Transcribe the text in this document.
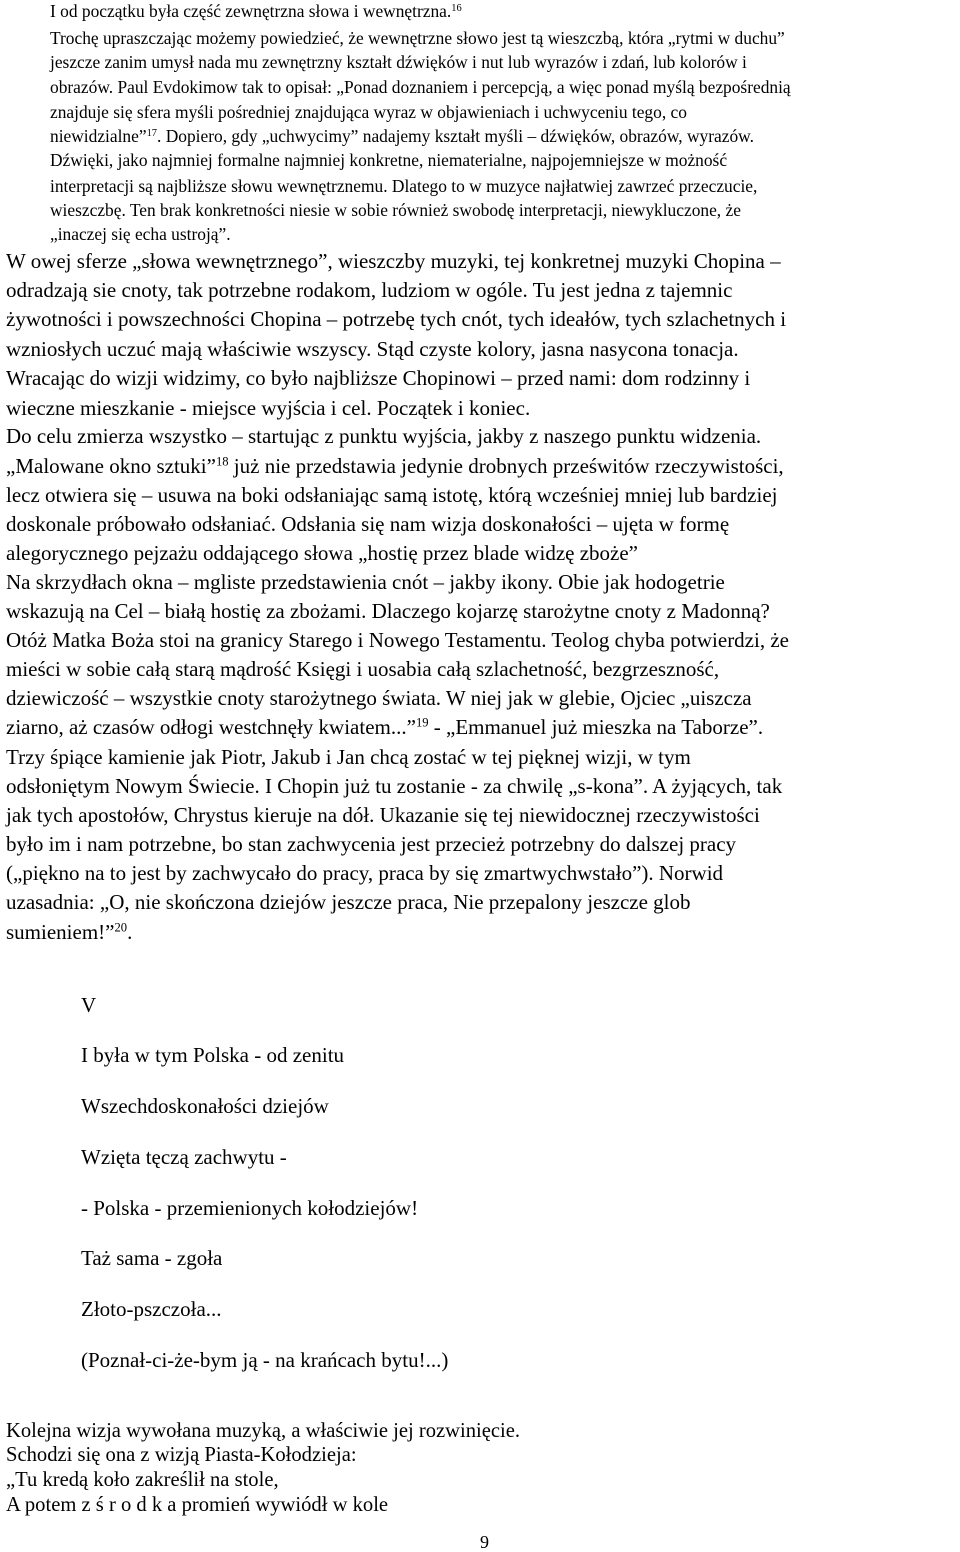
I od początku była część zewnętrzna słowa i wewnętrzna.$^{16}$

Trochę upraszczając możemy powiedzieć, że wewnętrzne słowo jest tą wieszczbą, która „rytmi w duchu”

jeszcze zanim umysł nada mu zewnętrzny kształt dźwięków i nut lub wyrazów i zdań, lub kolorów i

obrazów. Paul Evdokimow tak to opisał: „Ponad doznaniem i percepcją, a więc ponad myślą bezpośrednią

znajduje się sfera myśli pośredniej znajdująca wyraz w objawieniach i uchwyceniu tego, co

niewidzialne”$^{17}$. Dopiero, gdy „uchwycimy” nadajemy kształt myśli – dźwięków, obrazów, wyrazów.

Dźwięki, jako najmniej formalne najmniej konkretne, niematerialne, najpojemniejsze w możność

interpretacji są najbliższe słowu wewnętrznemu. Dlatego to w muzyce najłatwiej zawrzeć przeczucie,

wieszczbę. Ten brak konkretności niesie w sobie również swobodę interpretacji, niewykluczone, że

„inaczej się echa ustroją”.

W owej sferze „słowa wewnętrznego”, wieszczby muzyki, tej konkretnej muzyki Chopina –

odradzają sie cnoty, tak potrzebne rodakom, ludziom w ogóle. Tu jest jedna z tajemnic

żywotności i powszechności Chopina – potrzebę tych cnót, tych ideałów, tych szlachetnych i

wzniosłych uczuć mają właściwie wszyscy. Stąd czyste kolory, jasna nasycona tonacja.

Wracając do wizji widzimy, co było najbliższe Chopinowi – przed nami: dom rodzinny i

wieczne mieszkanie - miejsce wyjścia i cel. Początek i koniec.

Do celu zmierza wszystko – startując z punktu wyjścia, jakby z naszego punktu widzenia.

„Malowane okno sztuki”$^{18}$ już nie przedstawia jedynie drobnych prześwitów rzeczywistości,

lecz otwiera się – usuwa na boki odsłaniając samą istotę, którą wcześniej mniej lub bardziej

doskonale próbowało odsłaniać. Odsłania się nam wizja doskonałości – ujęta w formę

alegorycznego pejzażu oddającego słowa „hostię przez blade widzę zboże”

Na skrzydłach okna – mgliste przedstawienia cnót – jakby ikony. Obie jak hodogetrie

wskazują na Cel – białą hostię za zbożami. Dlaczego kojarzę starożytne cnoty z Madonną?

Otóż Matka Boża stoi na granicy Starego i Nowego Testamentu. Teolog chyba potwierdzi, że

mieści w sobie całą starą mądrość Księgi i uosabia całą szlachetność, bezgrzeszność,

dziewiczość – wszystkie cnoty starożytnego świata. W niej jak w glebie, Ojciec „uiszcza

ziarno, aż czasów odłogi westchnęły kwiatem...”$^{19}$ - „Emmanuel już mieszka na Taborze”.

Trzy śpiące kamienie jak Piotr, Jakub i Jan chcą zostać w tej pięknej wizji, w tym

odsłoniętym Nowym Świecie. I Chopin już tu zostanie - za chwilę „s-kona”. A żyjących, tak

jak tych apostołów, Chrystus kieruje na dół. Ukazanie się tej niewidocznej rzeczywistości

było im i nam potrzebne, bo stan zachwycenia jest przecież potrzebny do dalszej pracy

(„piękno na to jest by zachwycało do pracy, praca by się zmartwychwstało”). Norwid

uzasadnia: „O, nie skończona dziejów jeszcze praca, Nie przepalony jeszcze glob

sumieniem!”$^{20}$.

V

I była w tym Polska - od zenitu

Wszechdoskonałości dziejów

Wzięta tęczą zachwytu -

- Polska - przemienionych kołodziejów!

Taż sama - zgoła

Złoto-pszczoła...

(Poznał-ci-że-bym ją - na krańcach bytu!...)

Kolejna wizja wywołana muzyką, a właściwie jej rozwinięcie.

Schodzi się ona z wizją Piasta-Kołodzieja:

„Tu kredą koło zakreślił na stole,

A potem z ś r o d k a promień wywiódł w kole

9
